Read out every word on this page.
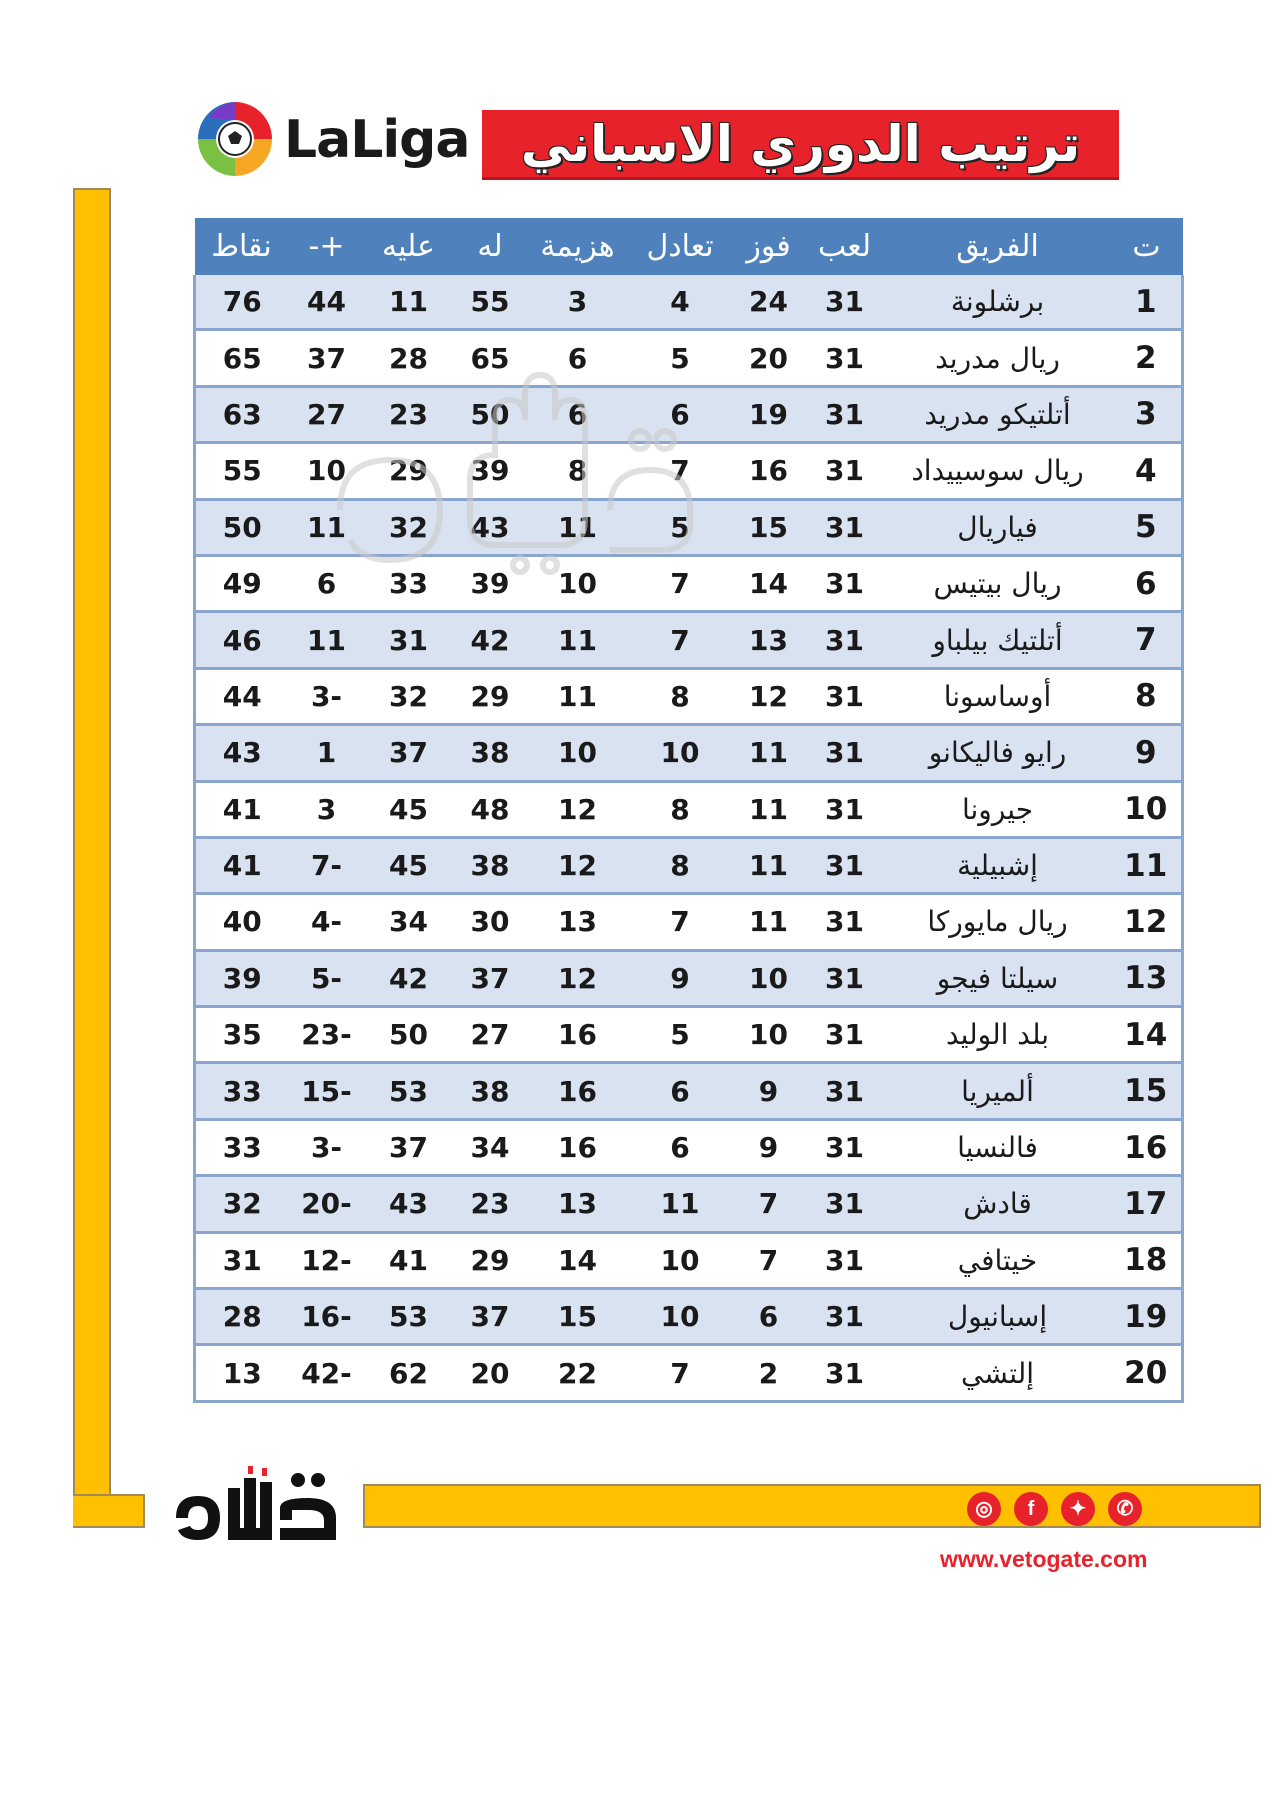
LaLiga	ترتيب الدوري الاسباني
ت	الفريق	لعب	فوز	تعادل	هزيمة	له	عليه	+-	نقاط
1	برشلونة	31	24	4	3	55	11	44	76
2	ريال مدريد	31	20	5	6	65	28	37	65
3	أتلتيكو مدريد	31	19	6	6	50	23	27	63
4	ريال سوسييداد	31	16	7	8	39	29	10	55
5	فياريال	31	15	5	11	43	32	11	50
6	ريال بيتيس	31	14	7	10	39	33	6	49
7	أتلتيك بيلباو	31	13	7	11	42	31	11	46
8	أوساسونا	31	12	8	11	29	32	-3	44
9	رايو فاليكانو	31	11	10	10	38	37	1	43
10	جيرونا	31	11	8	12	48	45	3	41
11	إشبيلية	31	11	8	12	38	45	-7	41
12	ريال مايوركا	31	11	7	13	30	34	-4	40
13	سيلتا فيجو	31	10	9	12	37	42	-5	39
14	بلد الوليد	31	10	5	16	27	50	-23	35
15	ألميريا	31	9	6	16	38	53	-15	33
16	فالنسيا	31	9	6	16	34	37	-3	33
17	قادش	31	7	11	13	23	43	-20	32
18	خيتافي	31	7	10	14	29	41	-12	31
19	إسبانيول	31	6	10	15	37	53	-16	28
20	إلتشي	31	2	7	22	20	62	-42	13
◎	f	✦	✆
www.vetogate.com
